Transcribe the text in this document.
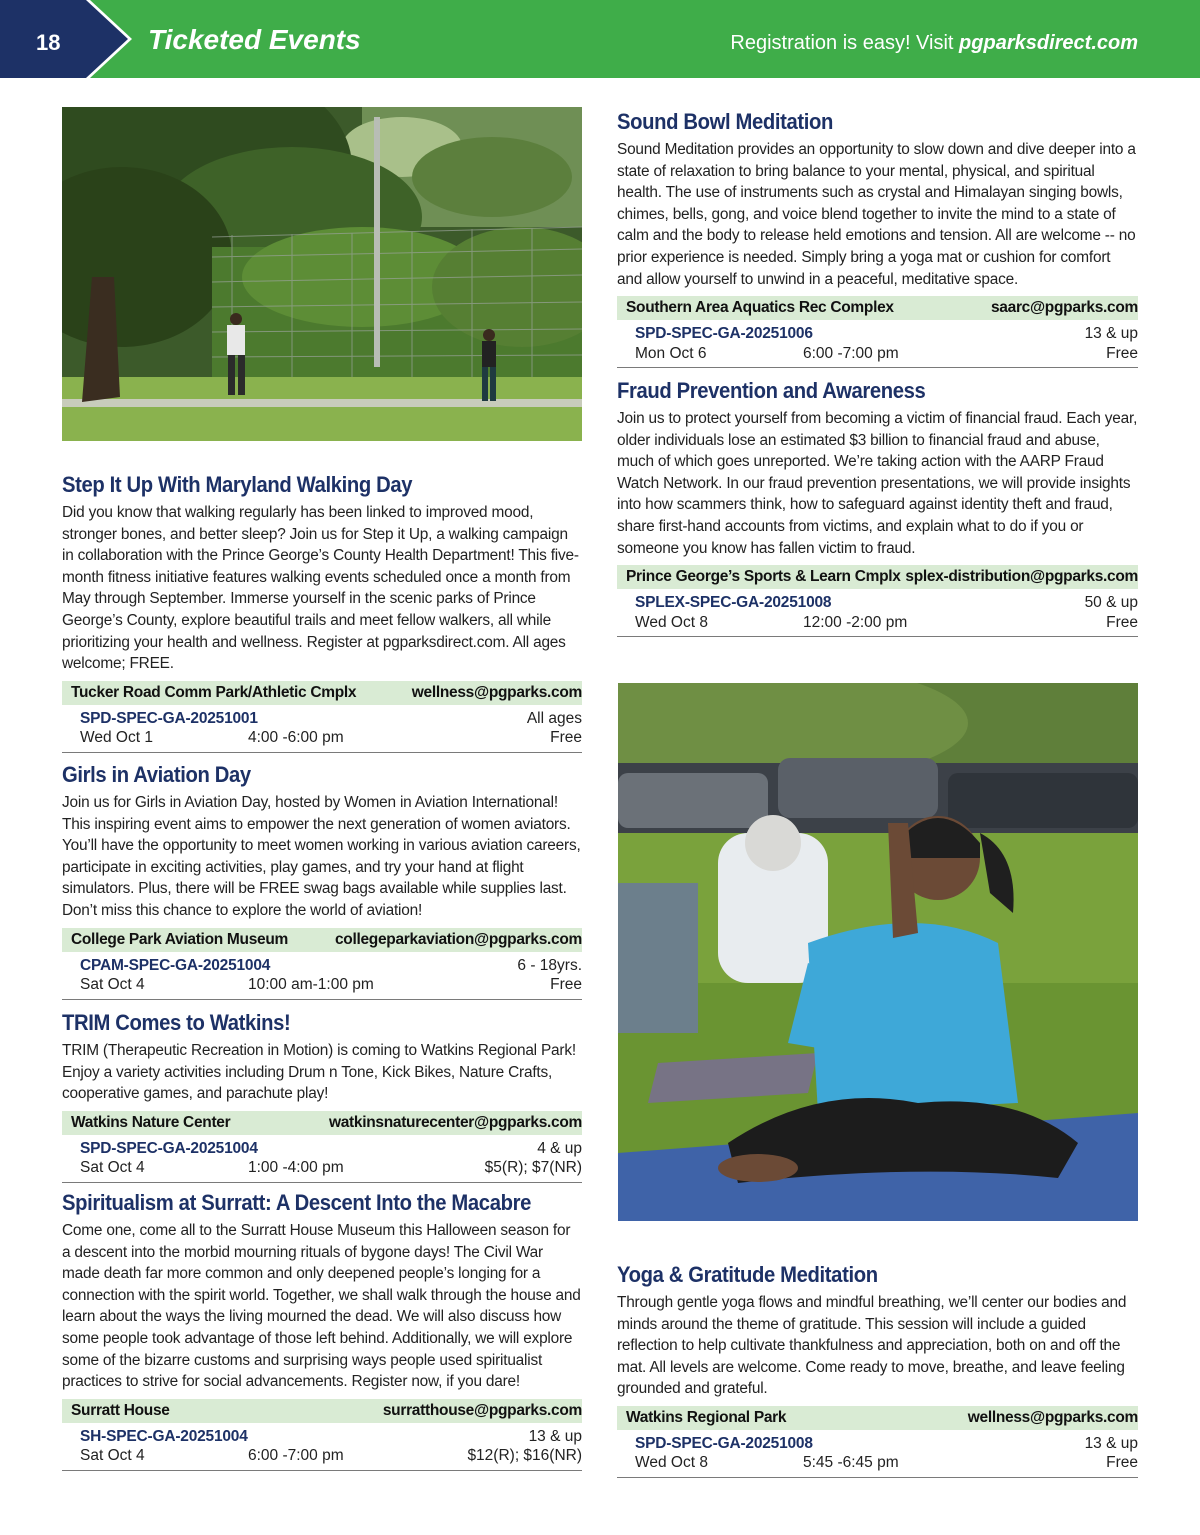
18	Ticketed Events	Registration is easy! Visit pgparksdirect.com
Step It Up With Maryland Walking Day

Did you know that walking regularly has been linked to improved mood, stronger bones, and better sleep? Join us for Step it Up, a walking campaign in collaboration with the Prince George’s County Health Department! This five-month fitness initiative features walking events scheduled once a month from May through September. Immerse yourself in the scenic parks of Prince George’s County, explore beautiful trails and meet fellow walkers, all while prioritizing your health and wellness. Register at pgparksdirect.com. All ages welcome; FREE.

Tucker Road Comm Park/Athletic Cmplx	wellness@pgparks.com
SPD-SPEC-GA-20251001	All ages
Wed Oct 1	4:00 -6:00 pm	Free
Girls in Aviation Day

Join us for Girls in Aviation Day, hosted by Women in Aviation International! This inspiring event aims to empower the next generation of women aviators. You’ll have the opportunity to meet women working in various aviation careers, participate in exciting activities, play games, and try your hand at flight simulators. Plus, there will be FREE swag bags available while supplies last. Don’t miss this chance to explore the world of aviation!

College Park Aviation Museum	collegeparkaviation@pgparks.com
CPAM-SPEC-GA-20251004	6 - 18yrs.
Sat Oct 4	10:00 am-1:00 pm	Free
TRIM Comes to Watkins!

TRIM (Therapeutic Recreation in Motion) is coming to Watkins Regional Park! Enjoy a variety activities including Drum n Tone, Kick Bikes, Nature Crafts, cooperative games, and parachute play!

Watkins Nature Center	watkinsnaturecenter@pgparks.com
SPD-SPEC-GA-20251004	4 & up
Sat Oct 4	1:00 -4:00 pm	$5(R); $7(NR)
Spiritualism at Surratt: A Descent Into the Macabre

Come one, come all to the Surratt House Museum this Halloween season for a descent into the morbid mourning rituals of bygone days! The Civil War made death far more common and only deepened people’s longing for a connection with the spirit world. Together, we shall walk through the house and learn about the ways the living mourned the dead. We will also discuss how some people took advantage of those left behind. Additionally, we will explore some of the bizarre customs and surprising ways people used spiritualist practices to strive for social advancements. Register now, if you dare!

Surratt House	surratthouse@pgparks.com
SH-SPEC-GA-20251004	13 & up
Sat Oct 4	6:00 -7:00 pm	$12(R); $16(NR)
Sound Bowl Meditation

Sound Meditation provides an opportunity to slow down and dive deeper into a state of relaxation to bring balance to your mental, physical, and spiritual health. The use of instruments such as crystal and Himalayan singing bowls, chimes, bells, gong, and voice blend together to invite the mind to a state of calm and the body to release held emotions and tension. All are welcome -- no prior experience is needed. Simply bring a yoga mat or cushion for comfort and allow yourself to unwind in a peaceful, meditative space.

Southern Area Aquatics Rec Complex	saarc@pgparks.com
SPD-SPEC-GA-20251006	13 & up
Mon Oct 6	6:00 -7:00 pm	Free
Fraud Prevention and Awareness

Join us to protect yourself from becoming a victim of financial fraud. Each year, older individuals lose an estimated $3 billion to financial fraud and abuse, much of which goes unreported. We’re taking action with the AARP Fraud Watch Network. In our fraud prevention presentations, we will provide insights into how scammers think, how to safeguard against identity theft and fraud, share first-hand accounts from victims, and explain what to do if you or someone you know has fallen victim to fraud.

Prince George’s Sports & Learn Cmplx splex-distribution@pgparks.com
SPLEX-SPEC-GA-20251008	50 & up
Wed Oct 8	12:00 -2:00 pm	Free
Yoga & Gratitude Meditation

Through gentle yoga flows and mindful breathing, we’ll center our bodies and minds around the theme of gratitude. This session will include a guided reflection to help cultivate thankfulness and appreciation, both on and off the mat. All levels are welcome. Come ready to move, breathe, and leave feeling grounded and grateful.

Watkins Regional Park	wellness@pgparks.com
SPD-SPEC-GA-20251008	13 & up
Wed Oct 8	5:45 -6:45 pm	Free
